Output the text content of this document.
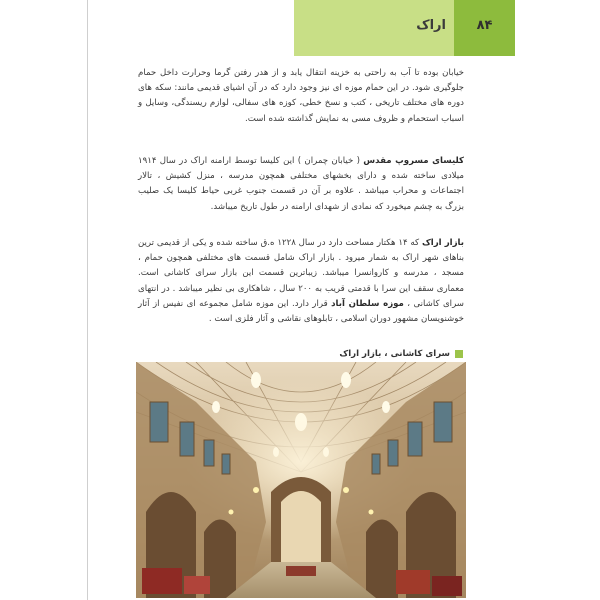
اراک	۸۴

خیابان بوده تا آب به راحتی به خزینه انتقال یابد و از هدر رفتن گرما وحرارت داخل حمام جلوگیری شود. در این حمام موزه ای نیز وجود دارد که در آن اشیای قدیمی مانند: سکه های دوره های مختلف تاریخی ، کتب و نسخ خطی، کوزه های سفالی، لوازم ریسندگی، وسایل و اسباب استحمام و ظروف مسی به نمایش گذاشته شده است.

کلیسای مسروپ مقدس ( خیابان چمران ) این کلیسا توسط ارامنه اراک در سال ۱۹۱۴ میلادی ساخته شده و دارای بخشهای مختلفی همچون مدرسه ، منزل کشیش ، تالار اجتماعات و محراب میباشد . علاوه بر آن در قسمت جنوب غربی حیاط کلیسا یک صلیب بزرگ به چشم میخورد که نمادی از شهدای ارامنه در طول تاریخ میباشد.

بازار اراک که ۱۴ هکتار مساحت دارد در سال ۱۲۲۸ ه.ق ساخته شده و یکی از قدیمی ترین بناهای شهر اراک به شمار میرود . بازار اراک شامل قسمت های مختلفی همچون حمام ، مسجد ، مدرسه و کاروانسرا میباشد. زیباترین قسمت این بازار سرای کاشانی است. معماری سقف این سرا با قدمتی قریب به ۲۰۰ سال ، شاهکاری بی نظیر میباشد . در انتهای سرای کاشانی ، موزه سلطان آباد قرار دارد. این موزه شامل مجموعه ای نفیس از آثار خوشنویسان مشهور دوران اسلامی ، تابلوهای نقاشی و آثار فلزی است .

سرای کاشانی ، بازار اراک
